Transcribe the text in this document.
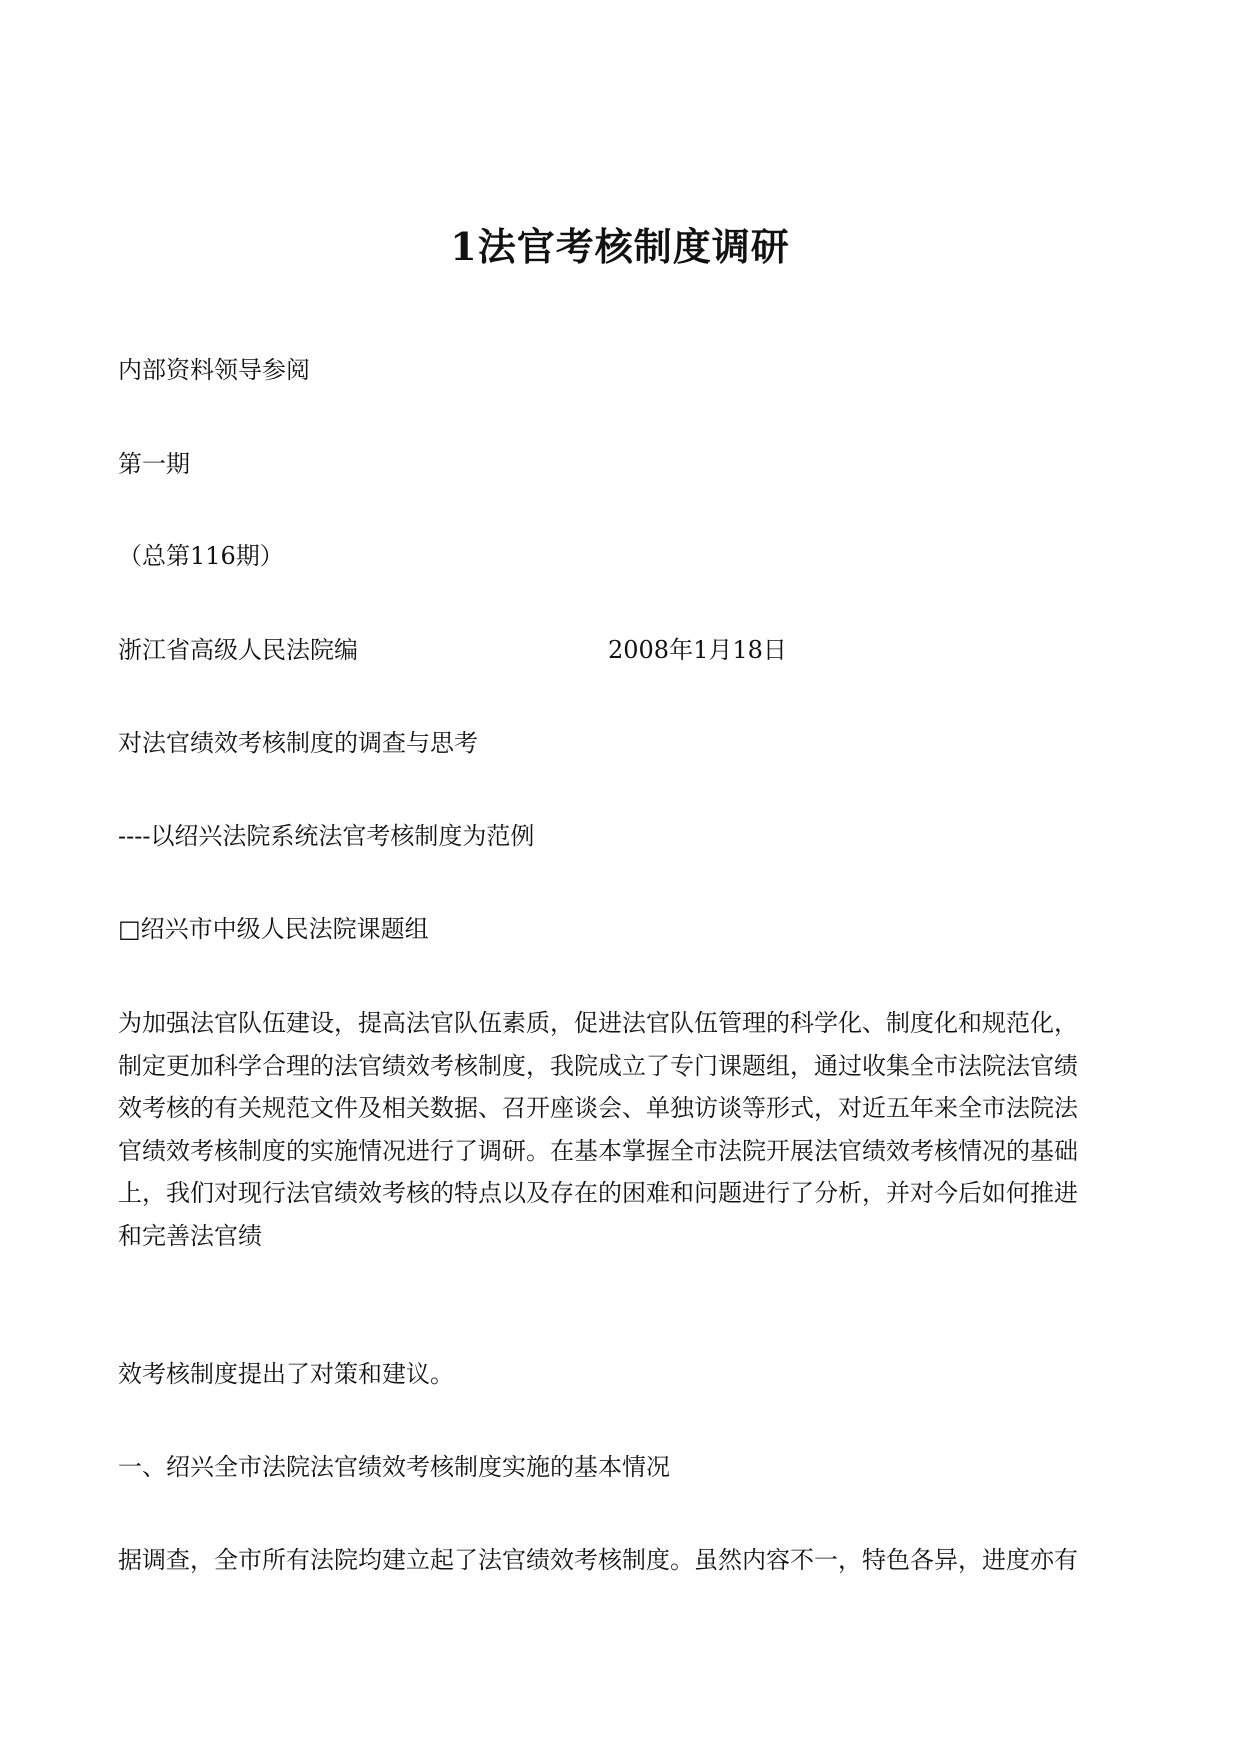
1法官考核制度调研
内部资料领导参阅
第一期
（总第116期）
浙江省高级人民法院编	2008年1月18日
对法官绩效考核制度的调查与思考
----以绍兴法院系统法官考核制度为范例
□绍兴市中级人民法院课题组
为加强法官队伍建设，提高法官队伍素质，促进法官队伍管理的科学化、制度化和规范化，
制定更加科学合理的法官绩效考核制度，我院成立了专门课题组，通过收集全市法院法官绩
效考核的有关规范文件及相关数据、召开座谈会、单独访谈等形式，对近五年来全市法院法
官绩效考核制度的实施情况进行了调研。在基本掌握全市法院开展法官绩效考核情况的基础
上，我们对现行法官绩效考核的特点以及存在的困难和问题进行了分析，并对今后如何推进
和完善法官绩
效考核制度提出了对策和建议。
一、绍兴全市法院法官绩效考核制度实施的基本情况
据调查，全市所有法院均建立起了法官绩效考核制度。虽然内容不一，特色各异，进度亦有
